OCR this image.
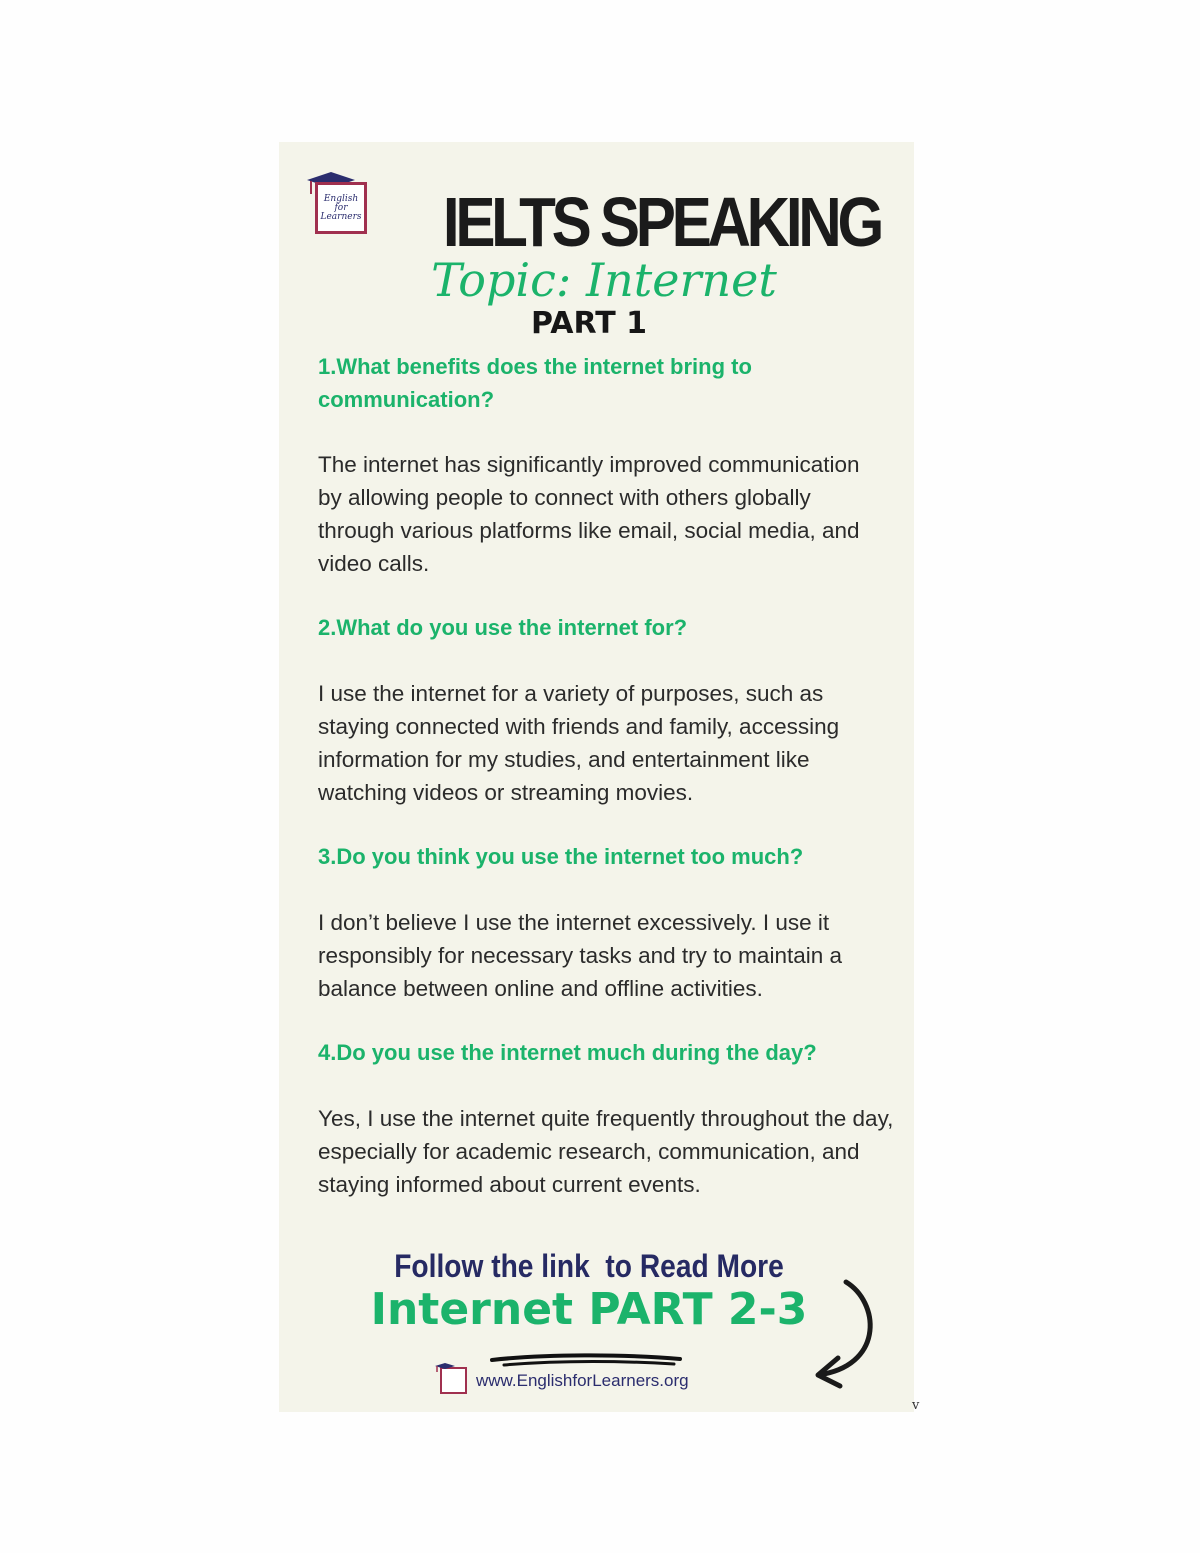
English
for
Learners IELTS SPEAKING
Topic: Internet
PART 1

1.What benefits does the internet bring to communication?

The internet has significantly improved communication by allowing people to connect with others globally through various platforms like email, social media, and video calls.

2.What do you use the internet for?

I use the internet for a variety of purposes, such as staying connected with friends and family, accessing information for my studies, and entertainment like watching videos or streaming movies.

3.Do you think you use the internet too much?

I don’t believe I use the internet excessively. I use it responsibly for necessary tasks and try to maintain a balance between online and offline activities.

4.Do you use the internet much during the day?

Yes, I use the internet quite frequently throughout the day, especially for academic research, communication, and staying informed about current events.

Follow the link  to Read More
Internet PART 2-3
www.EnglishforLearners.org
v
